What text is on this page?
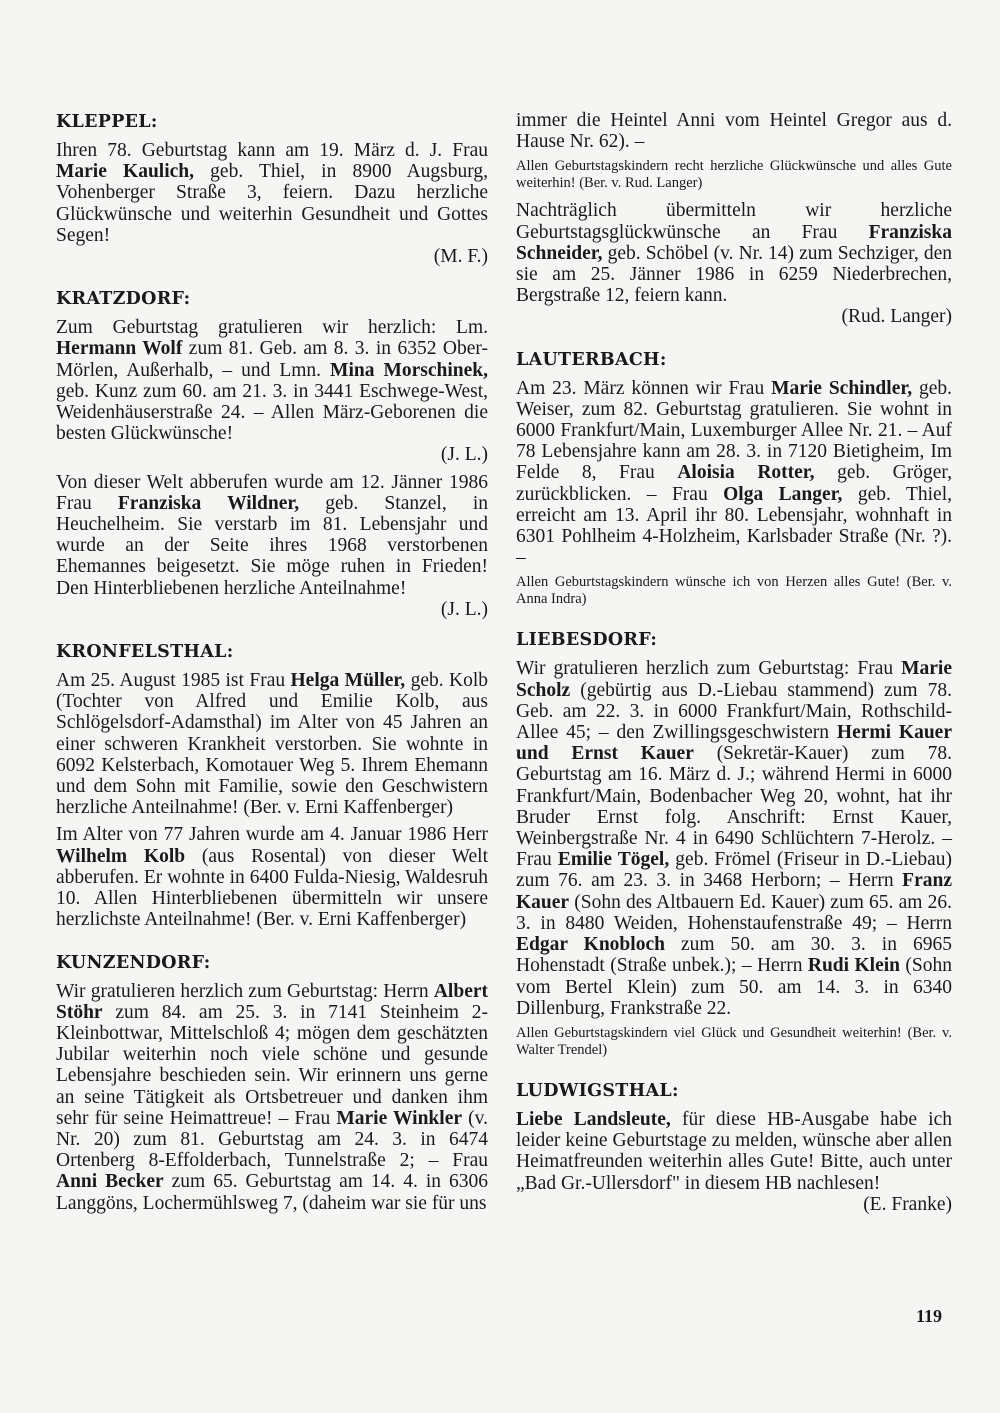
KLEPPEL:

Ihren 78. Geburtstag kann am 19. März d. J. Frau Marie Kaulich, geb. Thiel, in 8900 Augsburg, Vohenberger Straße 3, feiern. Dazu herzliche Glückwünsche und weiterhin Gesundheit und Gottes Segen!
(M. F.)

KRATZDORF:

Zum Geburtstag gratulieren wir herzlich: Lm. Hermann Wolf zum 81. Geb. am 8. 3. in 6352 Ober-Mörlen, Außerhalb, – und Lmn. Mina Morschinek, geb. Kunz zum 60. am 21. 3. in 3441 Eschwege-West, Weidenhäuserstraße 24. – Allen März-Geborenen die besten Glückwünsche!
(J. L.)

Von dieser Welt abberufen wurde am 12. Jänner 1986 Frau Franziska Wildner, geb. Stanzel, in Heuchelheim. Sie verstarb im 81. Lebensjahr und wurde an der Seite ihres 1968 verstorbenen Ehemannes beigesetzt. Sie möge ruhen in Frieden! Den Hinterbliebenen herzliche Anteilnahme!
(J. L.)

KRONFELSTHAL:

Am 25. August 1985 ist Frau Helga Müller, geb. Kolb (Tochter von Alfred und Emilie Kolb, aus Schlögelsdorf-Adamsthal) im Alter von 45 Jahren an einer schweren Krankheit verstorben. Sie wohnte in 6092 Kelsterbach, Komotauer Weg 5. Ihrem Ehemann und dem Sohn mit Familie, sowie den Geschwistern herzliche Anteilnahme! (Ber. v. Erni Kaffenberger)

Im Alter von 77 Jahren wurde am 4. Januar 1986 Herr Wilhelm Kolb (aus Rosental) von dieser Welt abberufen. Er wohnte in 6400 Fulda-Niesig, Waldesruh 10. Allen Hinterbliebenen übermitteln wir unsere herzlichste Anteilnahme! (Ber. v. Erni Kaffenberger)

KUNZENDORF:

Wir gratulieren herzlich zum Geburtstag: Herrn Albert Stöhr zum 84. am 25. 3. in 7141 Steinheim 2-Kleinbottwar, Mittelschloß 4; mögen dem geschätzten Jubilar weiterhin noch viele schöne und gesunde Lebensjahre beschieden sein. Wir erinnern uns gerne an seine Tätigkeit als Ortsbetreuer und danken ihm sehr für seine Heimattreue! – Frau Marie Winkler (v. Nr. 20) zum 81. Geburtstag am 24. 3. in 6474 Ortenberg 8-Effolderbach, Tunnelstraße 2; – Frau Anni Becker zum 65. Geburtstag am 14. 4. in 6306 Langgöns, Lochermühlsweg 7, (daheim war sie für uns

immer die Heintel Anni vom Heintel Gregor aus d. Hause Nr. 62). –

Allen Geburtstagskindern recht herzliche Glückwünsche und alles Gute weiterhin! (Ber. v. Rud. Langer)

Nachträglich übermitteln wir herzliche Geburtstagsglückwünsche an Frau Franziska Schneider, geb. Schöbel (v. Nr. 14) zum Sechziger, den sie am 25. Jänner 1986 in 6259 Niederbrechen, Bergstraße 12, feiern kann.
(Rud. Langer)

LAUTERBACH:

Am 23. März können wir Frau Marie Schindler, geb. Weiser, zum 82. Geburtstag gratulieren. Sie wohnt in 6000 Frankfurt/Main, Luxemburger Allee Nr. 21. – Auf 78 Lebensjahre kann am 28. 3. in 7120 Bietigheim, Im Felde 8, Frau Aloisia Rotter, geb. Gröger, zurückblicken. – Frau Olga Langer, geb. Thiel, erreicht am 13. April ihr 80. Lebensjahr, wohnhaft in 6301 Pohlheim 4-Holzheim, Karlsbader Straße (Nr. ?). –

Allen Geburtstagskindern wünsche ich von Herzen alles Gute! (Ber. v. Anna Indra)

LIEBESDORF:

Wir gratulieren herzlich zum Geburtstag: Frau Marie Scholz (gebürtig aus D.-Liebau stammend) zum 78. Geb. am 22. 3. in 6000 Frankfurt/Main, Rothschild-Allee 45; – den Zwillingsgeschwistern Hermi Kauer und Ernst Kauer (Sekretär-Kauer) zum 78. Geburtstag am 16. März d. J.; während Hermi in 6000 Frankfurt/Main, Bodenbacher Weg 20, wohnt, hat ihr Bruder Ernst folg. Anschrift: Ernst Kauer, Weinbergstraße Nr. 4 in 6490 Schlüchtern 7-Herolz. – Frau Emilie Tögel, geb. Frömel (Friseur in D.-Liebau) zum 76. am 23. 3. in 3468 Herborn; – Herrn Franz Kauer (Sohn des Altbauern Ed. Kauer) zum 65. am 26. 3. in 8480 Weiden, Hohenstaufenstraße 49; – Herrn Edgar Knobloch zum 50. am 30. 3. in 6965 Hohenstadt (Straße unbek.); – Herrn Rudi Klein (Sohn vom Bertel Klein) zum 50. am 14. 3. in 6340 Dillenburg, Frankstraße 22.

Allen Geburtstagskindern viel Glück und Gesundheit weiterhin! (Ber. v. Walter Trendel)

LUDWIGSTHAL:

Liebe Landsleute, für diese HB-Ausgabe habe ich leider keine Geburtstage zu melden, wünsche aber allen Heimatfreunden weiterhin alles Gute! Bitte, auch unter „Bad Gr.-Ullersdorf" in diesem HB nachlesen!
(E. Franke)

119
